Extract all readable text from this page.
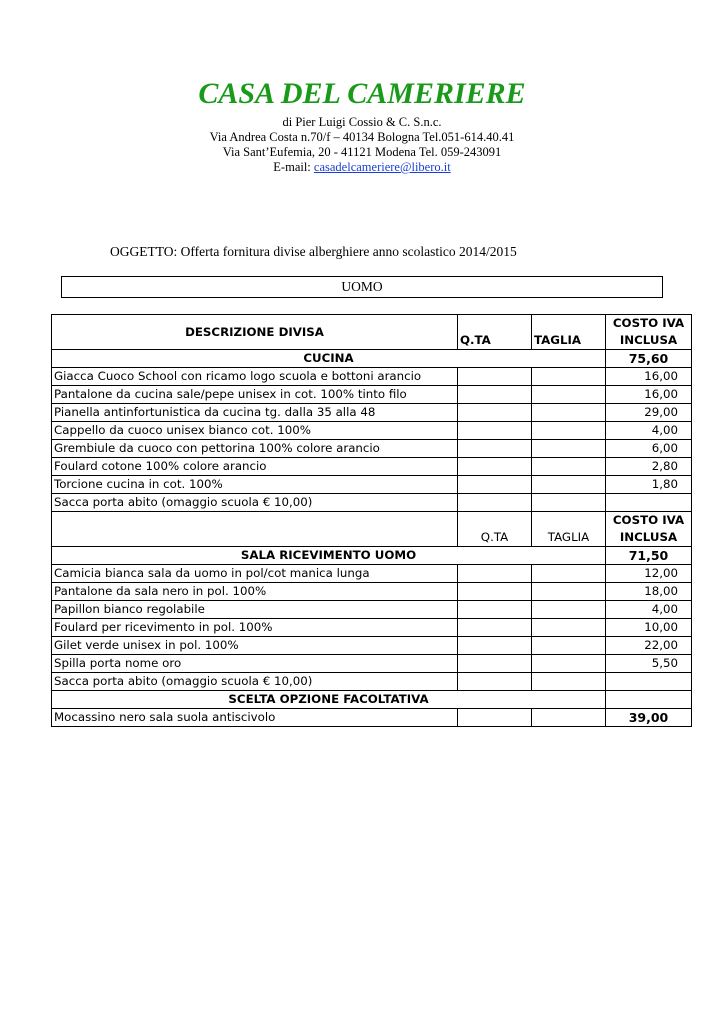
CASA DEL CAMERIERE
di Pier Luigi Cossio & C. S.n.c.
Via Andrea Costa n.70/f – 40134 Bologna Tel.051-614.40.41
Via Sant’Eufemia, 20 - 41121 Modena Tel. 059-243091
E-mail: casadelcameriere@libero.it
OGGETTO: Offerta fornitura divise alberghiere anno scolastico 2014/2015
UOMO
DESCRIZIONE DIVISA	Q.TA	TAGLIA	COSTO IVA
INCLUSA
CUCINA			75,60
Giacca Cuoco School con ricamo logo scuola e bottoni arancio			16,00
Pantalone da cucina sale/pepe unisex in cot. 100% tinto filo			16,00
Pianella antinfortunistica da cucina tg. dalla 35 alla 48			29,00
Cappello da cuoco unisex bianco cot. 100%			4,00
Grembiule da cuoco con pettorina 100% colore arancio			6,00
Foulard cotone 100% colore arancio			2,80
Torcione cucina in cot. 100%			1,80
Sacca porta abito (omaggio scuola € 10,00)			
	Q.TA	TAGLIA	COSTO IVA
INCLUSA
SALA RICEVIMENTO UOMO			71,50
Camicia bianca sala da uomo in pol/cot manica lunga			12,00
Pantalone da sala nero in pol. 100%			18,00
Papillon bianco regolabile			4,00
Foulard per ricevimento in pol. 100%			10,00
Gilet verde unisex in pol. 100%			22,00
Spilla porta nome oro			5,50
Sacca porta abito (omaggio scuola € 10,00)			
SCELTA OPZIONE FACOLTATIVA			
Mocassino nero sala suola antiscivolo			39,00
